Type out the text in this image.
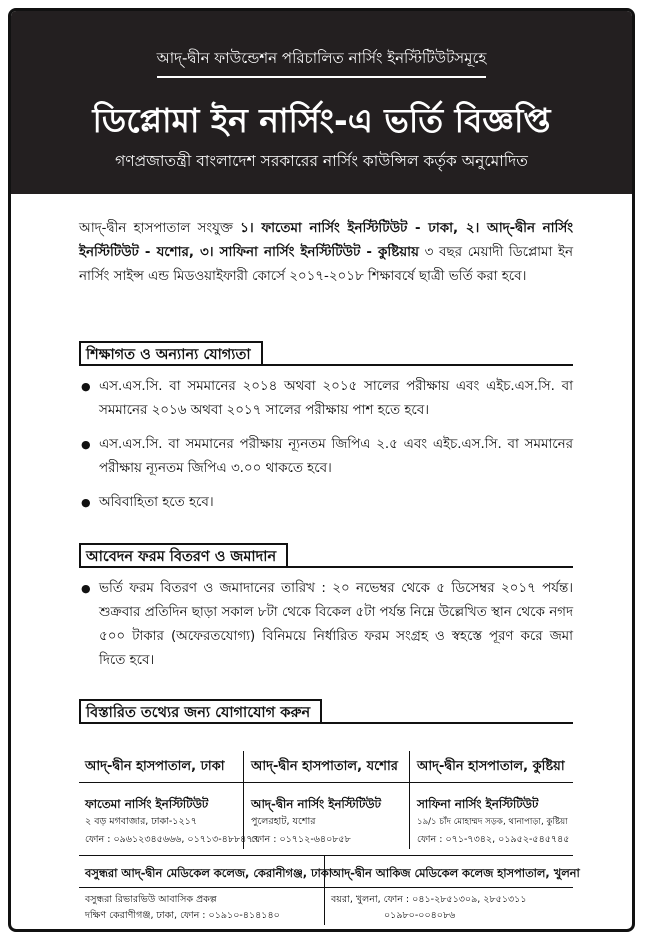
আদ্-দ্বীন ফাউন্ডেশন পরিচালিত নার্সিং ইনস্টিটিউটসমূহে
ডিপ্লোমা ইন নার্সিং-এ ভর্তি বিজ্ঞপ্তি
গণপ্রজাতন্ত্রী বাংলাদেশ সরকারের নার্সিং কাউন্সিল কর্তৃক অনুমোদিত
আদ্-দ্বীন হাসপাতাল সংযুক্ত ১। ফাতেমা নার্সিং ইনস্টিটিউট - ঢাকা, ২। আদ্-দ্বীন নার্সিং ইনস্টিটিউট - যশোর, ৩। সাফিনা নার্সিং ইনস্টিটিউট - কুষ্টিয়ায় ৩ বছর মেয়াদী ডিপ্লোমা ইন নার্সিং সাইন্স এন্ড মিডওয়াইফারী কোর্সে ২০১৭-২০১৮ শিক্ষাবর্ষে ছাত্রী ভর্তি করা হবে।
শিক্ষাগত ও অন্যান্য যোগ্যতা
● এস.এস.সি. বা সমমানের ২০১৪ অথবা ২০১৫ সালের পরীক্ষায় এবং এইচ.এস.সি. বা সমমানের ২০১৬ অথবা ২০১৭ সালের পরীক্ষায় পাশ হতে হবে।
● এস.এস.সি. বা সমমানের পরীক্ষায় ন্যূনতম জিপিএ ২.৫ এবং এইচ.এস.সি. বা সমমানের পরীক্ষায় ন্যূনতম জিপিএ ৩.০০ থাকতে হবে।
● অবিবাহিতা হতে হবে।
আবেদন ফরম বিতরণ ও জমাদান
● ভর্তি ফরম বিতরণ ও জমাদানের তারিখ : ২০ নভেম্বর থেকে ৫ ডিসেম্বর ২০১৭ পর্যন্ত। শুক্রবার প্রতিদিন ছাড়া সকাল ৮টা থেকে বিকেল ৫টা পর্যন্ত নিম্নে উল্লেখিত স্থান থেকে নগদ ৫০০ টাকার (অফেরতযোগ্য) বিনিময়ে নির্ধারিত ফরম সংগ্রহ ও স্বহস্তে পূরণ করে জমা দিতে হবে।
বিস্তারিত তথ্যের জন্য যোগাযোগ করুন
আদ্-দ্বীন হাসপাতাল, ঢাকা
ফাতেমা নার্সিং ইনস্টিটিউট
২ বড় মগবাজার, ঢাকা-১২১৭
ফোন : ০৯৬১২৩৪৫৬৬৬, ০১৭১৩-৪৮৮৪৭৭
আদ্-দ্বীন হাসপাতাল, যশোর
আদ্-দ্বীন নার্সিং ইনস্টিটিউট
পুলেরহাট, যশোর
ফোন : ০১৭১২-৬৪০৮৫৮
আদ্-দ্বীন হাসপাতাল, কুষ্টিয়া
সাফিনা নার্সিং ইনস্টিটিউট
১৯/১ চাঁদ মোহাম্মদ সড়ক, থানাপাড়া, কুষ্টিয়া
ফোন : ০৭১-৭৩৪২, ০১৯৫২-৫৪৫৭৪৫
বসুন্ধরা আদ্-দ্বীন মেডিকেল কলেজ, কেরানীগঞ্জ, ঢাকা
বসুন্ধরা রিভারভিউ আবাসিক প্রকল্প
দক্ষিণ কেরাণীগঞ্জ, ঢাকা, ফোন : ০১৯১০-৪১৪১৪০
আদ্-দ্বীন আকিজ মেডিকেল কলেজ হাসপাতাল, খুলনা
বয়রা, খুলনা, ফোন : ০৪১-২৮৫১৩০৯, ২৮৫১৩১১
০১৯৮০-০০৪০৮৬
